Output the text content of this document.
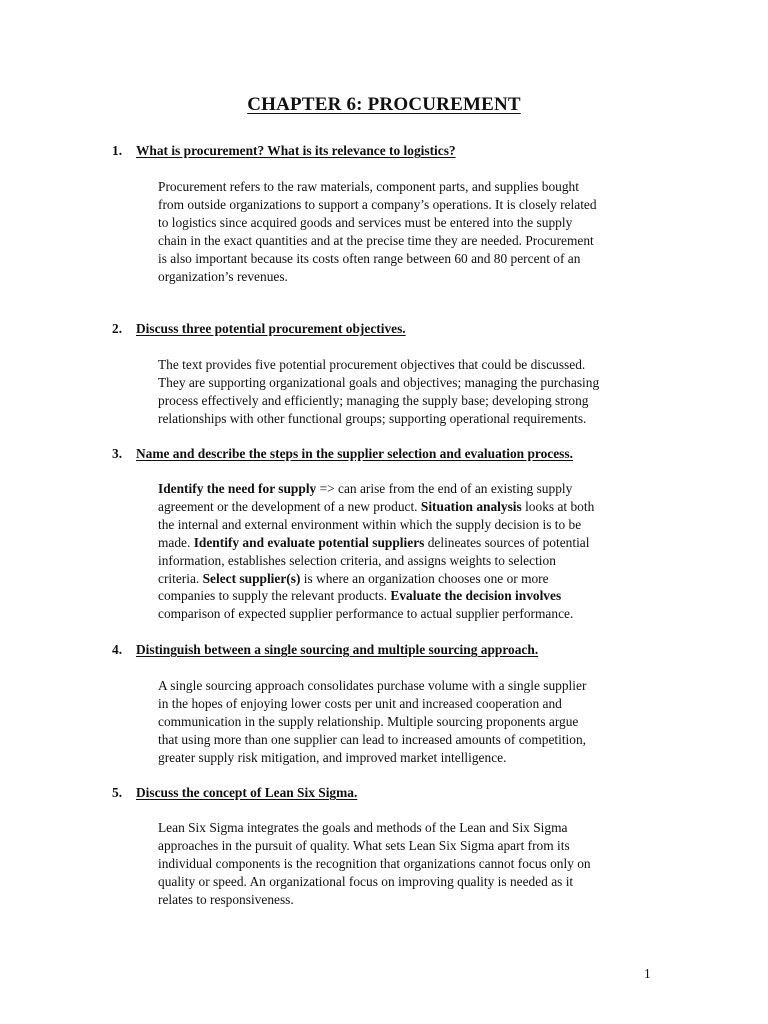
CHAPTER 6: PROCUREMENT
1. What is procurement? What is its relevance to logistics?
Procurement refers to the raw materials, component parts, and supplies bought
from outside organizations to support a company’s operations. It is closely related
to logistics since acquired goods and services must be entered into the supply
chain in the exact quantities and at the precise time they are needed. Procurement
is also important because its costs often range between 60 and 80 percent of an
organization’s revenues.
2. Discuss three potential procurement objectives.
The text provides five potential procurement objectives that could be discussed.
They are supporting organizational goals and objectives; managing the purchasing
process effectively and efficiently; managing the supply base; developing strong
relationships with other functional groups; supporting operational requirements.
3. Name and describe the steps in the supplier selection and evaluation process.
Identify the need for supply => can arise from the end of an existing supply
agreement or the development of a new product. Situation analysis looks at both
the internal and external environment within which the supply decision is to be
made. Identify and evaluate potential suppliers delineates sources of potential
information, establishes selection criteria, and assigns weights to selection
criteria. Select supplier(s) is where an organization chooses one or more
companies to supply the relevant products. Evaluate the decision involves
comparison of expected supplier performance to actual supplier performance.
4. Distinguish between a single sourcing and multiple sourcing approach.
A single sourcing approach consolidates purchase volume with a single supplier
in the hopes of enjoying lower costs per unit and increased cooperation and
communication in the supply relationship. Multiple sourcing proponents argue
that using more than one supplier can lead to increased amounts of competition,
greater supply risk mitigation, and improved market intelligence.
5. Discuss the concept of Lean Six Sigma.
Lean Six Sigma integrates the goals and methods of the Lean and Six Sigma
approaches in the pursuit of quality. What sets Lean Six Sigma apart from its
individual components is the recognition that organizations cannot focus only on
quality or speed. An organizational focus on improving quality is needed as it
relates to responsiveness.
1
